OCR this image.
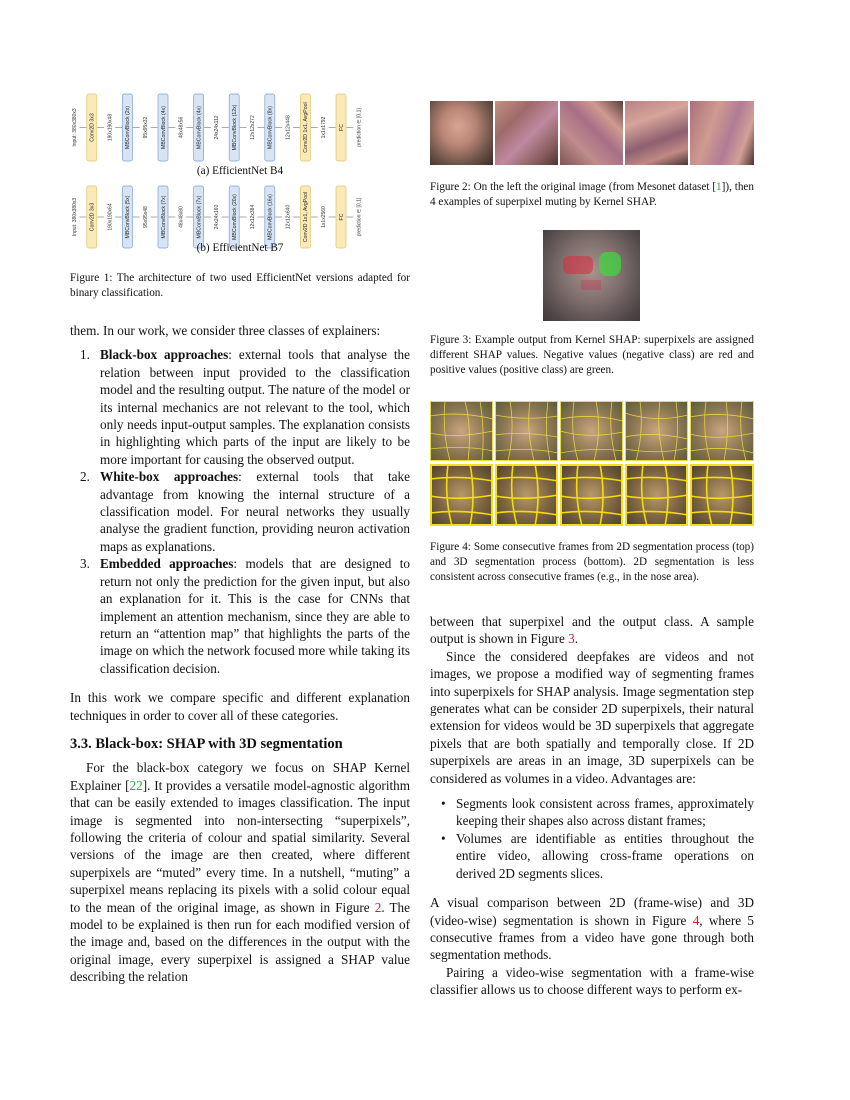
Input: 380x380x3 Conv2D 3x3 190x190x48 MBConvBlock (2x) 95x95x32 MBConvBlock (4x) 48x48x56 MBConvBlock (4x) 24x24x112 MBConvBlock (12x) 12x12x272 MBConvBlock (8x) 12x12x448 Conv2D 1x1, AvgPool 1x1x1792 FC prediction ∈ [0,1]
(a) EfficientNet B4
Input: 380x380x3 Conv2D 3x3 190x190x64 MBConvBlock (5x) 95x95x48 MBConvBlock (7x) 48x48x80 MBConvBlock (7x) 24x24x160 MBConvBlock (20x) 12x12x384 MBConvBlock (16x) 12x12x640 Conv2D 1x1, AvgPool 1x1x2560 FC prediction ∈ [0,1]
(b) EfficientNet B7
Figure 1: The architecture of two used EfficientNet versions adapted for binary classification.
them. In our work, we consider three classes of explainers:
1. Black-box approaches: external tools that analyse the relation between input provided to the classification model and the resulting output. The nature of the model or its internal mechanics are not relevant to the tool, which only needs input-output samples. The explanation consists in highlighting which parts of the input are likely to be more important for causing the observed output.
2. White-box approaches: external tools that take advantage from knowing the internal structure of a classification model. For neural networks they usually analyse the gradient function, providing neuron activation maps as explanations.
3. Embedded approaches: models that are designed to return not only the prediction for the given input, but also an explanation for it. This is the case for CNNs that implement an attention mechanism, since they are able to return an “attention map” that highlights the parts of the image on which the network focused more while taking its classification decision.
In this work we compare specific and different explanation techniques in order to cover all of these categories.
3.3. Black-box: SHAP with 3D segmentation
For the black-box category we focus on SHAP Kernel Explainer [22]. It provides a versatile model-agnostic algorithm that can be easily extended to images classification. The input image is segmented into non-intersecting “superpixels”, following the criteria of colour and spatial similarity. Several versions of the image are then created, where different superpixels are “muted” every time. In a nutshell, “muting” a superpixel means replacing its pixels with a solid colour equal to the mean of the original image, as shown in Figure 2. The model to be explained is then run for each modified version of the image and, based on the differences in the output with the original image, every superpixel is assigned a SHAP value describing the relation
Figure 2: On the left the original image (from Mesonet dataset [1]), then 4 examples of superpixel muting by Kernel SHAP.
Figure 3: Example output from Kernel SHAP: superpixels are assigned different SHAP values. Negative values (negative class) are red and positive values (positive class) are green.
Figure 4: Some consecutive frames from 2D segmentation process (top) and 3D segmentation process (bottom). 2D segmentation is less consistent across consecutive frames (e.g., in the nose area).
between that superpixel and the output class. A sample output is shown in Figure 3.
Since the considered deepfakes are videos and not images, we propose a modified way of segmenting frames into superpixels for SHAP analysis. Image segmentation step generates what can be consider 2D superpixels, their natural extension for videos would be 3D superpixels that aggregate pixels that are both spatially and temporally close. If 2D superpixels are areas in an image, 3D superpixels can be considered as volumes in a video. Advantages are:
• Segments look consistent across frames, approximately keeping their shapes also across distant frames;
• Volumes are identifiable as entities throughout the entire video, allowing cross-frame operations on derived 2D segments slices.
A visual comparison between 2D (frame-wise) and 3D (video-wise) segmentation is shown in Figure 4, where 5 consecutive frames from a video have gone through both segmentation methods.
Pairing a video-wise segmentation with a frame-wise classifier allows us to choose different ways to perform ex-
